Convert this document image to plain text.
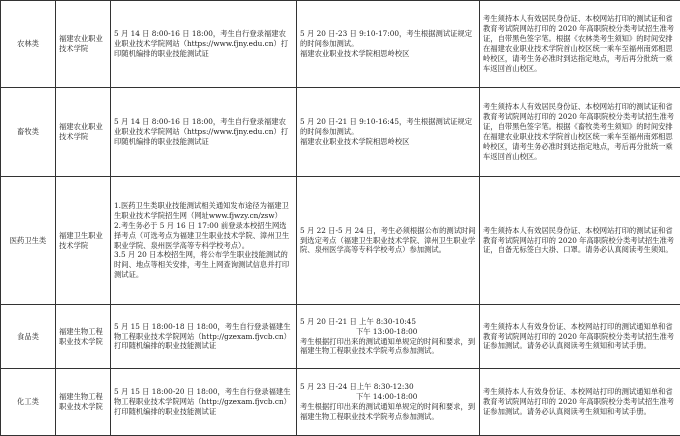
农林类	福建农业职业技术学院	5 月 14 日 8:00-16 日 18:00，考生自行登录福建农业职业技术学院网站（https://www.fjny.edu.cn）打印随机编排的职业技能测试证	5 月 20 日-23 日 9:10-17:00，考生根据测试证规定的时间参加测试。
福建农业职业技术学院相思岭校区	考生须持本人有效居民身份证、本校网站打印的测试证和省教育考试院网站打印的 2020 年高职院校分类考试招生准考证，自带黑色签字笔。根据《农林类考生须知》的时间安排在福建农业职业技术学院首山校区统一乘车至福州南郊相思岭校区，请考生务必准时到达指定地点，考后再分批统一乘车返回首山校区。

畜牧类	福建农业职业技术学院	5 月 14 日 8:00-16 日 18:00，考生自行登录福建农业职业技术学院网站（https://www.fjny.edu.cn）打印随机编排的职业技能测试证	5 月 20 日-21 日 9:10-16:45，考生根据测试证规定的时间参加测试。
福建农业职业技术学院相思岭校区	考生须持本人有效居民身份证、本校网站打印的测试证和省教育考试院网站打印的 2020 年高职院校分类考试招生准考证，自带黑色签字笔。根据《畜牧类考生须知》的时间安排在福建农业职业技术学院首山校区统一乘车至福州南郊相思岭校区，请考生务必准时到达指定地点，考后再分批统一乘车返回首山校区。

医药卫生类	福建卫生职业技术学院	1.医药卫生类职业技能测试相关通知发布途径为福建卫生职业技术学院招生网（网址www.fjwzy.cn/zsw）
2.考生务必于 5 月 16 日 17:00 前登录本校招生网选择考点（可选考点为福建卫生职业技术学院、漳州卫生职业学院、泉州医学高等专科学校考点）。
3.5 月 20 日本校招生网，将公布学生职业技能测试的时间、地点等相关安排，考生上网查询测试信息并打印测试证。	5 月 22 日-5 月 24 日，考生必须根据公布的测试时间到选定考点（福建卫生职业技术学院、漳州卫生职业学院、泉州医学高等专科学校考点）参加测试。	考生须持本人有效居民身份证、本校网站打印的测试证和省教育考试院网站打印的 2020 年高职院校分类考试招生准考证，自备无标签白大褂、口罩。请务必认真阅读考生须知。

食品类	福建生物工程职业技术学院	5 月 15 日 18:00-18 日 18:00，考生自行登录福建生物工程职业技术学院网站（http://gzexam.fjvcb.cn）打印随机编排的职业技能测试证	5 月 20 日-21 日 上午 8:30-10:45
下午 13:00-18:00
考生根据打印出来的测试通知单规定的时间和要求，到福建生物工程职业技术学院考点参加测试。	考生须持本人有效身份证、本校网站打印的测试通知单和省教育考试院网站打印的 2020 年高职院校分类考试招生准考证参加测试。请务必认真阅读考生须知和考试手册。

化工类	福建生物工程职业技术学院	5 月 15 日 18:00-20 日 18:00，考生自行登录福建生物工程职业技术学院网站（http://gzexam.fjvcb.cn）打印随机编排的职业技能测试证	5 月 23 日-24 日上午 8:30-12:30
下午 14:00-18:00
考生根据打印出来的测试通知单规定的时间和要求，到福建生物工程职业技术学院考点参加测试。	考生须持本人有效身份证、本校网站打印的测试通知单和省教育考试院网站打印的 2020 年高职院校分类考试招生准考证参加测试。请务必认真阅读考生须知和考试手册。
